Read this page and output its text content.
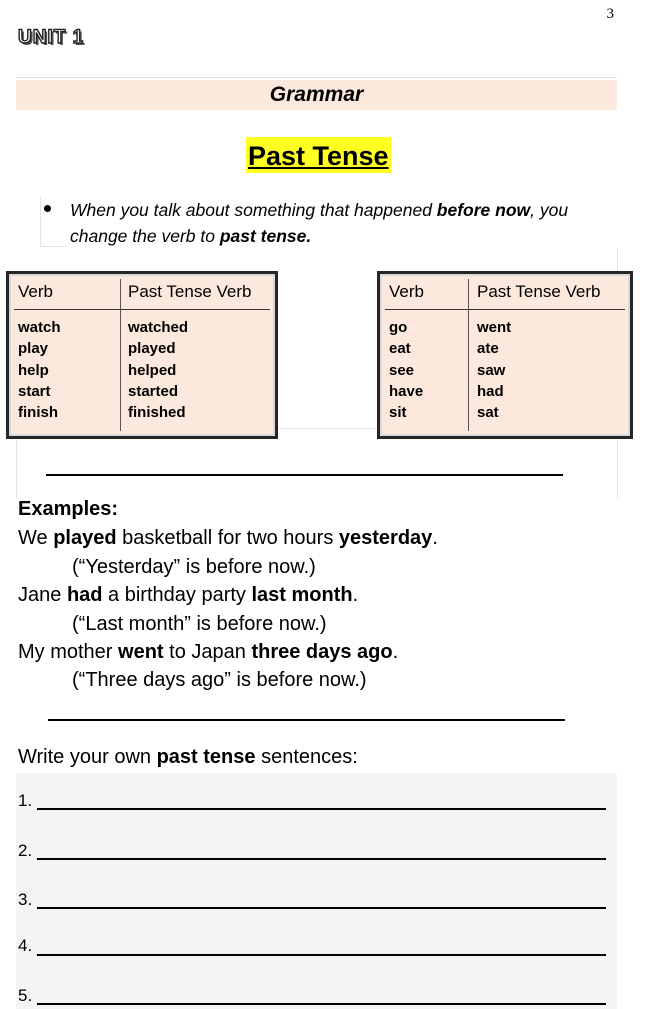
3
UNIT 1
Grammar
Past Tense
When you talk about something that happened before now, you change the verb to past tense.
Verb	Past Tense Verb
watch
play
help
start
finish
watched
played
helped
started
finished
Verb	Past Tense Verb
go
eat
see
have
sit
went
ate
saw
had
sat
Examples:
We played basketball for two hours yesterday.
(“Yesterday” is before now.)
Jane had a birthday party last month.
(“Last month” is before now.)
My mother went to Japan three days ago.
(“Three days ago” is before now.)
Write your own past tense sentences:
1.
2.
3.
4.
5.
